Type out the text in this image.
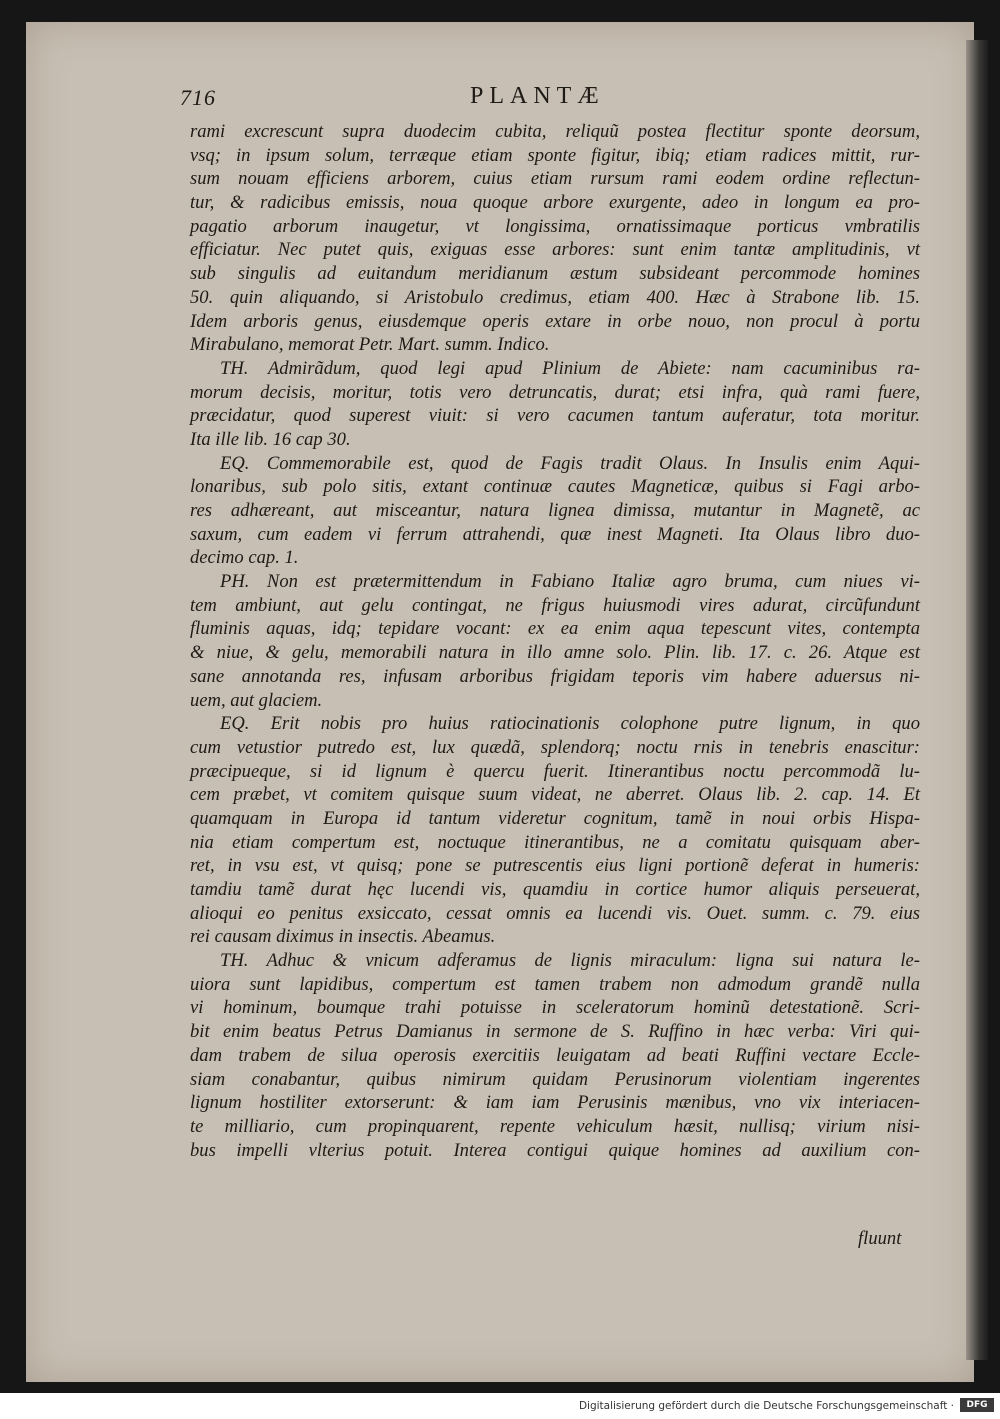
716	PLANTÆ
rami excrescunt supra duodecim cubita, reliquũ postea flectitur sponte deorsum,
vsq; in ipsum solum, terræque etiam sponte figitur, ibiq; etiam radices mittit, rur-
sum nouam efficiens arborem, cuius etiam rursum rami eodem ordine reflectun-
tur, & radicibus emissis, noua quoque arbore exurgente, adeo in longum ea pro-
pagatio arborum inaugetur, vt longissima, ornatissimaque porticus vmbratilis
efficiatur. Nec putet quis, exiguas esse arbores: sunt enim tantæ amplitudinis, vt
sub singulis ad euitandum meridianum æstum subsideant percommode homines
50. quin aliquando, si Aristobulo credimus, etiam 400. Hæc à Strabone lib. 15.
Idem arboris genus, eiusdemque operis extare in orbe nouo, non procul à portu
Mirabulano, memorat Petr. Mart. summ. Indico.
TH. Admirãdum, quod legi apud Plinium de Abiete: nam cacuminibus ra-
morum decisis, moritur, totis vero detruncatis, durat; etsi infra, quà rami fuere,
præcidatur, quod superest viuit: si vero cacumen tantum auferatur, tota moritur.
Ita ille lib. 16 cap 30.
EQ. Commemorabile est, quod de Fagis tradit Olaus. In Insulis enim Aqui-
lonaribus, sub polo sitis, extant continuæ cautes Magneticæ, quibus si Fagi arbo-
res adhæreant, aut misceantur, natura lignea dimissa, mutantur in Magnetẽ, ac
saxum, cum eadem vi ferrum attrahendi, quæ inest Magneti. Ita Olaus libro duo-
decimo cap. 1.
PH. Non est prætermittendum in Fabiano Italiæ agro bruma, cum niues vi-
tem ambiunt, aut gelu contingat, ne frigus huiusmodi vires adurat, circũfundunt
fluminis aquas, idq; tepidare vocant: ex ea enim aqua tepescunt vites, contempta
& niue, & gelu, memorabili natura in illo amne solo. Plin. lib. 17. c. 26. Atque est
sane annotanda res, infusam arboribus frigidam teporis vim habere aduersus ni-
uem, aut glaciem.
EQ. Erit nobis pro huius ratiocinationis colophone putre lignum, in quo
cum vetustior putredo est, lux quædã, splendorq; noctu rnis in tenebris enascitur:
præcipueque, si id lignum è quercu fuerit. Itinerantibus noctu percommodã lu-
cem præbet, vt comitem quisque suum videat, ne aberret. Olaus lib. 2. cap. 14. Et
quamquam in Europa id tantum videretur cognitum, tamẽ in noui orbis Hispa-
nia etiam compertum est, noctuque itinerantibus, ne a comitatu quisquam aber-
ret, in vsu est, vt quisq; pone se putrescentis eius ligni portionẽ deferat in humeris:
tamdiu tamẽ durat hęc lucendi vis, quamdiu in cortice humor aliquis perseuerat,
alioqui eo penitus exsiccato, cessat omnis ea lucendi vis. Ouet. summ. c. 79. eius
rei causam diximus in insectis. Abeamus.
TH. Adhuc & vnicum adferamus de lignis miraculum: ligna sui natura le-
uiora sunt lapidibus, compertum est tamen trabem non admodum grandẽ nulla
vi hominum, boumque trahi potuisse in sceleratorum hominũ detestationẽ. Scri-
bit enim beatus Petrus Damianus in sermone de S. Ruffino in hæc verba: Viri qui-
dam trabem de silua operosis exercitiis leuigatam ad beati Ruffini vectare Eccle-
siam conabantur, quibus nimirum quidam Perusinorum violentiam ingerentes
lignum hostiliter extorserunt: & iam iam Perusinis mænibus, vno vix interiacen-
te milliario, cum propinquarent, repente vehiculum hæsit, nullisq; virium nisi-
bus impelli vlterius potuit. Interea contigui quique homines ad auxilium con-
fluunt
Digitalisierung gefördert durch die Deutsche Forschungsgemeinschaft ·	DFG
